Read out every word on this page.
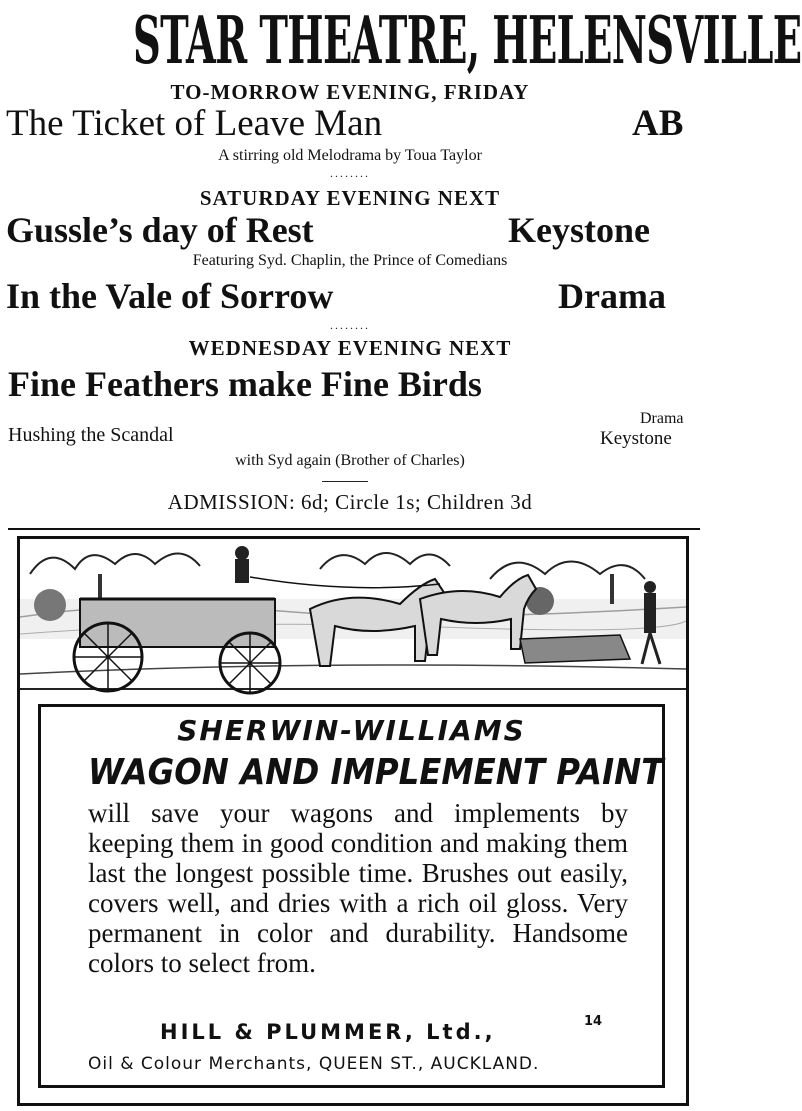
STAR THEATRE, HELENSVILLE
TO-MORROW EVENING, FRIDAY
The Ticket of Leave Man	AB
A stirring old Melodrama by Toua Taylor
........
SATURDAY EVENING NEXT
Gussle’s day of Rest	Keystone
Featuring Syd. Chaplin, the Prince of Comedians
In the Vale of Sorrow	Drama
........
WEDNESDAY EVENING NEXT
Fine Feathers make Fine Birds
Drama
Hushing the Scandal	Keystone
with Syd again (Brother of Charles)
ADMISSION: 6d; Circle 1s; Children 3d
SHERWIN-WILLIAMS
WAGON AND IMPLEMENT PAINT
will save your wagons and implements by keeping them in good condition and making them last the longest possible time. Brushes out easily, covers well, and dries with a rich oil gloss. Very permanent in color and durability. Handsome colors to select from.
HILL & PLUMMER, Ltd.,	14
Oil & Colour Merchants, QUEEN ST., AUCKLAND.
